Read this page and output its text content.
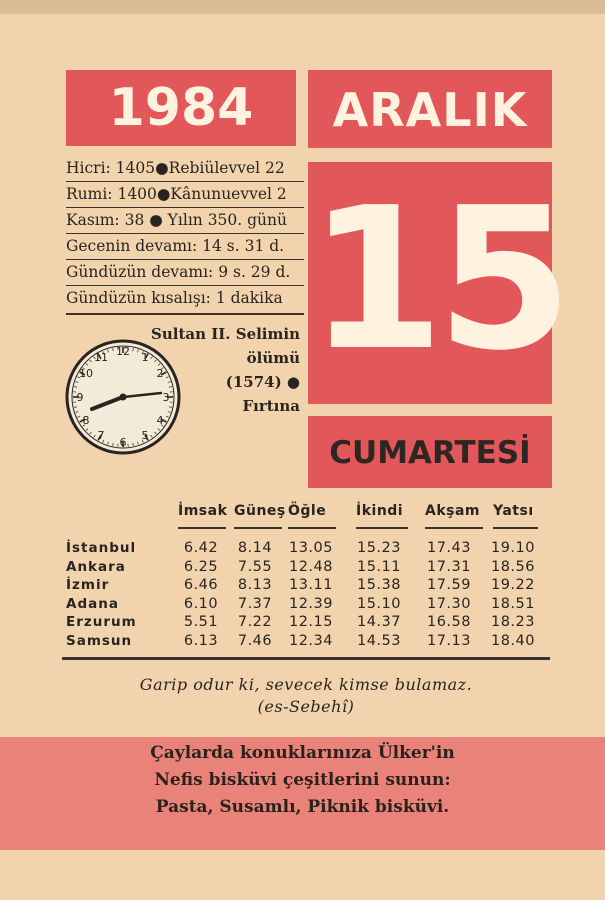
1984	ARALIK
15
CUMARTESİ
Hicri: 1405●Rebiülevvel 22
Rumi: 1400●Kânunuevvel 2
Kasım: 38 ● Yılın 350. günü
Gecenin devamı: 14 s. 31 d.
Gündüzün devamı: 9 s. 29 d.
Gündüzün kısalışı: 1 dakika
12 1
2
3
4
5
6
7
8
9
10
11
Sultan II. Selimin
ölümü
(1574) ●
Fırtına
İmsak Güneş Öğle İkindi Akşam Yatsı
İstanbul	6.42	8.14	13.05	15.23	17.43	19.10
Ankara	6.25	7.55	12.48	15.11	17.31	18.56
İzmir	6.46	8.13	13.11	15.38	17.59	19.22
Adana	6.10	7.37	12.39	15.10	17.30	18.51
Erzurum	5.51	7.22	12.15	14.37	16.58	18.23
Samsun	6.13	7.46	12.34	14.53	17.13	18.40
Garip odur ki, sevecek kimse bulamaz.
(es-Sebehî)
Çaylarda konuklarınıza Ülker'in
Nefis bisküvi çeşitlerini sunun:
Pasta, Susamlı, Piknik bisküvi.
